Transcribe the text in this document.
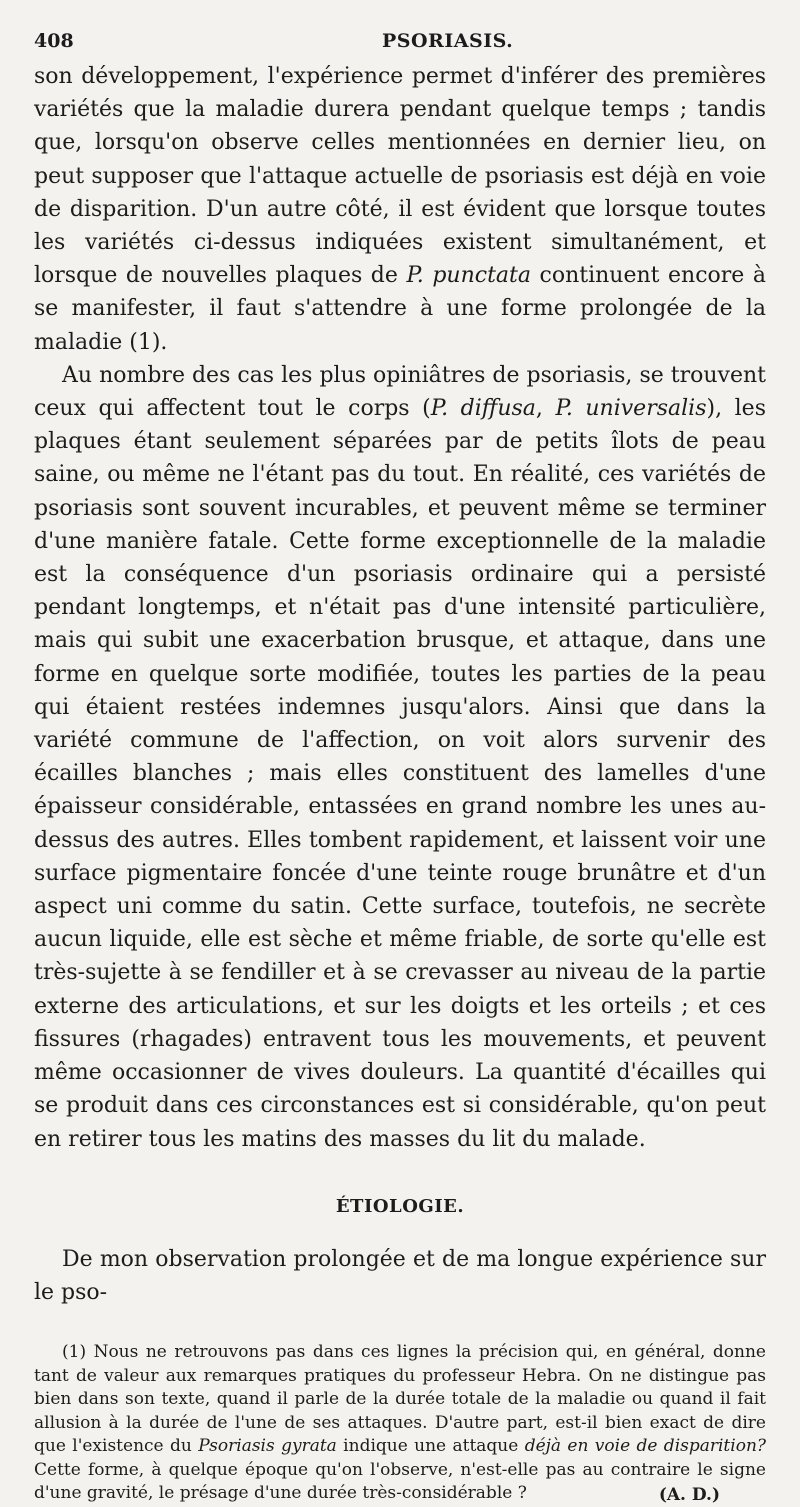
408	PSORIASIS.

son développement, l'expérience permet d'inférer des premières variétés que la maladie durera pendant quelque temps ; tandis que, lorsqu'on observe celles mentionnées en dernier lieu, on peut supposer que l'attaque actuelle de psoriasis est déjà en voie de disparition. D'un autre côté, il est évident que lorsque toutes les variétés ci-dessus indiquées existent simultanément, et lorsque de nouvelles plaques de P. punctata continuent encore à se manifester, il faut s'attendre à une forme prolongée de la maladie (1).

Au nombre des cas les plus opiniâtres de psoriasis, se trouvent ceux qui affectent tout le corps (P. diffusa, P. universalis), les plaques étant seulement séparées par de petits îlots de peau saine, ou même ne l'étant pas du tout. En réalité, ces variétés de psoriasis sont souvent incurables, et peuvent même se terminer d'une manière fatale. Cette forme exceptionnelle de la maladie est la conséquence d'un psoriasis ordinaire qui a persisté pendant longtemps, et n'était pas d'une intensité particulière, mais qui subit une exacerbation brusque, et attaque, dans une forme en quelque sorte modifiée, toutes les parties de la peau qui étaient restées indemnes jusqu'alors. Ainsi que dans la variété commune de l'affection, on voit alors survenir des écailles blanches ; mais elles constituent des lamelles d'une épaisseur considérable, entassées en grand nombre les unes au-dessus des autres. Elles tombent rapidement, et laissent voir une surface pigmentaire foncée d'une teinte rouge brunâtre et d'un aspect uni comme du satin. Cette surface, toutefois, ne secrète aucun liquide, elle est sèche et même friable, de sorte qu'elle est très-sujette à se fendiller et à se crevasser au niveau de la partie externe des articulations, et sur les doigts et les orteils ; et ces fissures (rhagades) entravent tous les mouvements, et peuvent même occasionner de vives douleurs. La quantité d'écailles qui se produit dans ces circonstances est si considérable, qu'on peut en retirer tous les matins des masses du lit du malade.

ÉTIOLOGIE.

De mon observation prolongée et de ma longue expérience sur le pso-

(1) Nous ne retrouvons pas dans ces lignes la précision qui, en général, donne tant de valeur aux remarques pratiques du professeur Hebra. On ne distingue pas bien dans son texte, quand il parle de la durée totale de la maladie ou quand il fait allusion à la durée de l'une de ses attaques. D'autre part, est-il bien exact de dire que l'existence du Psoriasis gyrata indique une attaque déjà en voie de disparition? Cette forme, à quelque époque qu'on l'observe, n'est-elle pas au contraire le signe d'une gravité, le présage d'une durée très-considérable ?	(A. D.)
